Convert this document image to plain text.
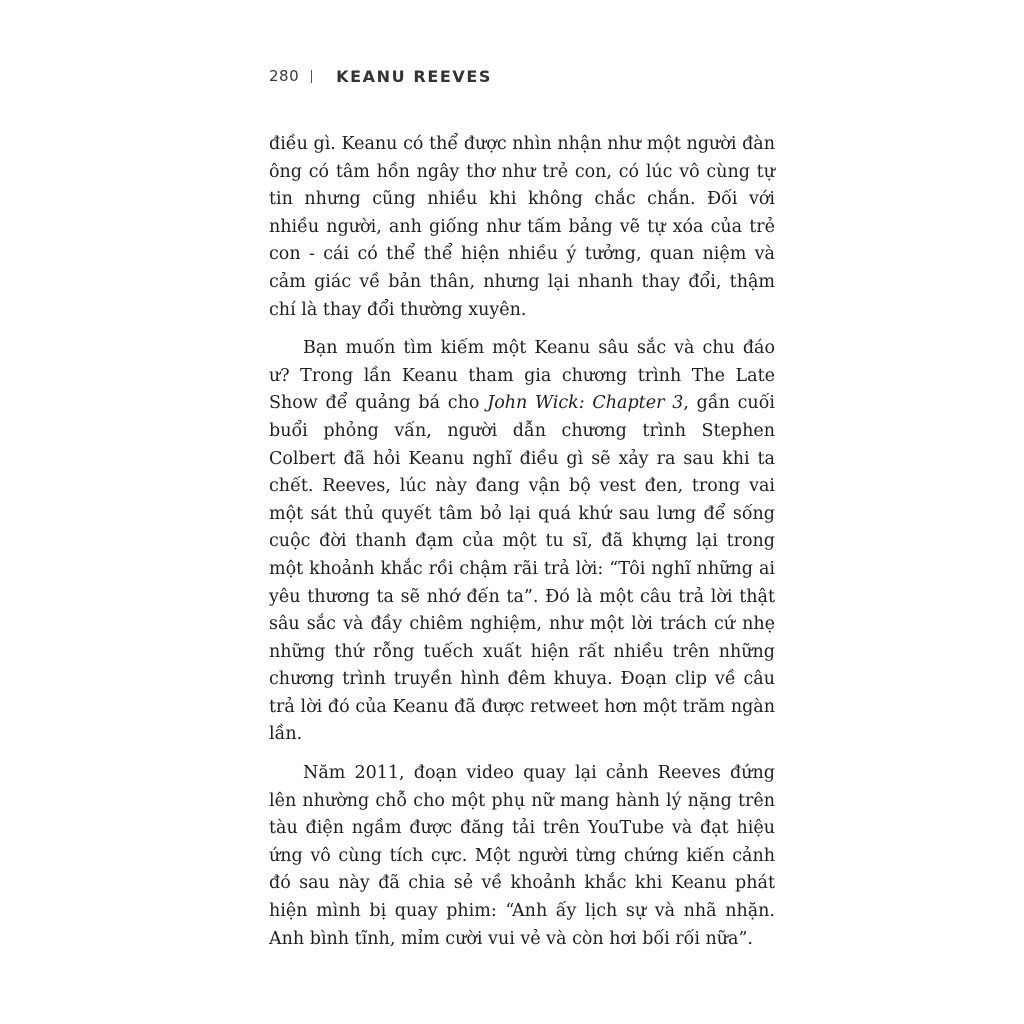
280 KEANU REEVES

điều gì. Keanu có thể được nhìn nhận như một người đàn ông có tâm hồn ngây thơ như trẻ con, có lúc vô cùng tự tin nhưng cũng nhiều khi không chắc chắn. Đối với nhiều người, anh giống như tấm bảng vẽ tự xóa của trẻ con - cái có thể thể hiện nhiều ý tưởng, quan niệm và cảm giác về bản thân, nhưng lại nhanh thay đổi, thậm chí là thay đổi thường xuyên.

Bạn muốn tìm kiếm một Keanu sâu sắc và chu đáo ư? Trong lần Keanu tham gia chương trình The Late Show để quảng bá cho John Wick: Chapter 3, gần cuối buổi phỏng vấn, người dẫn chương trình Stephen Colbert đã hỏi Keanu nghĩ điều gì sẽ xảy ra sau khi ta chết. Reeves, lúc này đang vận bộ vest đen, trong vai một sát thủ quyết tâm bỏ lại quá khứ sau lưng để sống cuộc đời thanh đạm của một tu sĩ, đã khựng lại trong một khoảnh khắc rồi chậm rãi trả lời: “Tôi nghĩ những ai yêu thương ta sẽ nhớ đến ta”. Đó là một câu trả lời thật sâu sắc và đầy chiêm nghiệm, như một lời trách cứ nhẹ những thứ rỗng tuếch xuất hiện rất nhiều trên những chương trình truyền hình đêm khuya. Đoạn clip về câu trả lời đó của Keanu đã được retweet hơn một trăm ngàn lần.

Năm 2011, đoạn video quay lại cảnh Reeves đứng lên nhường chỗ cho một phụ nữ mang hành lý nặng trên tàu điện ngầm được đăng tải trên YouTube và đạt hiệu ứng vô cùng tích cực. Một người từng chứng kiến cảnh đó sau này đã chia sẻ về khoảnh khắc khi Keanu phát hiện mình bị quay phim: “Anh ấy lịch sự và nhã nhặn. Anh bình tĩnh, mỉm cười vui vẻ và còn hơi bối rối nữa”.
